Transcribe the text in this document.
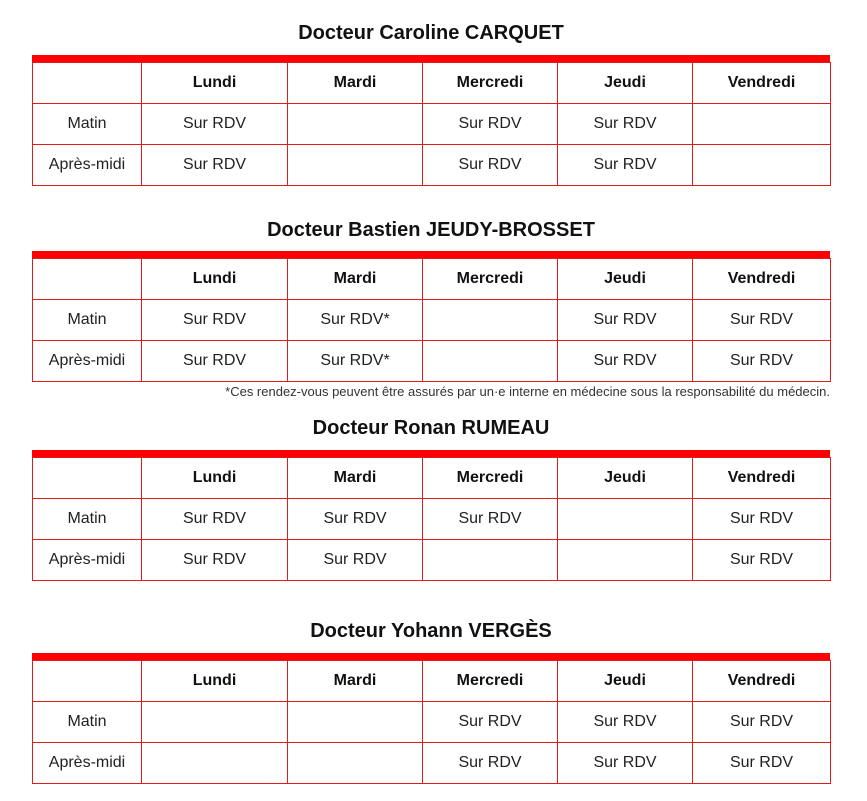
Docteur Caroline CARQUET
	Lundi	Mardi	Mercredi	Jeudi	Vendredi
Matin	Sur RDV		Sur RDV	Sur RDV	
Après-midi	Sur RDV		Sur RDV	Sur RDV	
Docteur Bastien JEUDY-BROSSET
	Lundi	Mardi	Mercredi	Jeudi	Vendredi
Matin	Sur RDV	Sur RDV*		Sur RDV	Sur RDV
Après-midi	Sur RDV	Sur RDV*		Sur RDV	Sur RDV
*Ces rendez-vous peuvent être assurés par un·e interne en médecine sous la responsabilité du médecin.
Docteur Ronan RUMEAU
	Lundi	Mardi	Mercredi	Jeudi	Vendredi
Matin	Sur RDV	Sur RDV	Sur RDV		Sur RDV
Après-midi	Sur RDV	Sur RDV			Sur RDV
Docteur Yohann VERGÈS
	Lundi	Mardi	Mercredi	Jeudi	Vendredi
Matin			Sur RDV	Sur RDV	Sur RDV
Après-midi			Sur RDV	Sur RDV	Sur RDV
